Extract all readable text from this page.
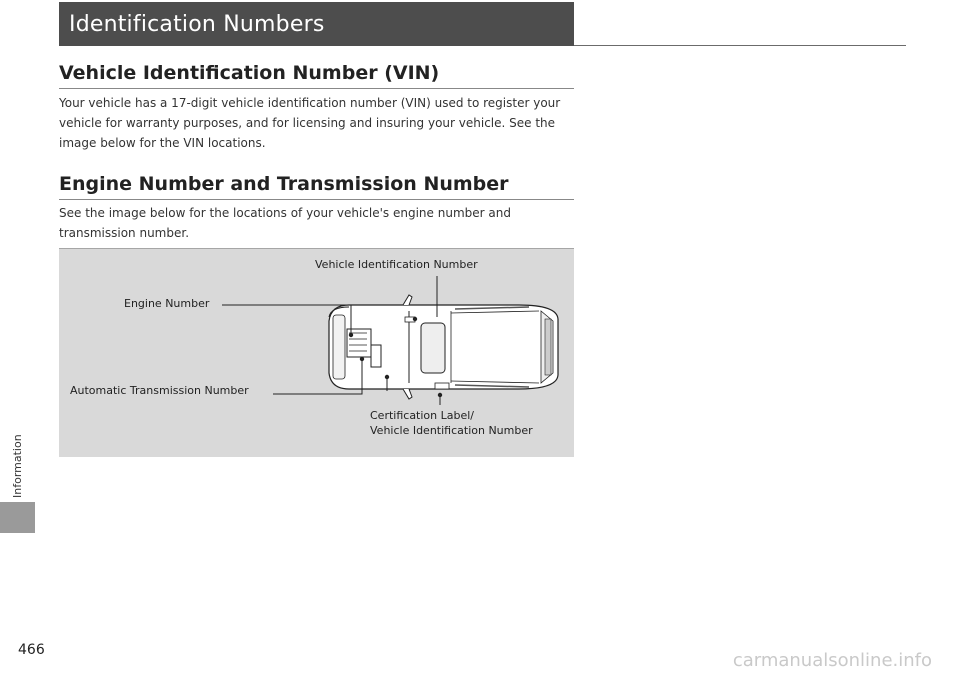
Identification Numbers
Vehicle Identification Number (VIN)
Your vehicle has a 17-digit vehicle identification number (VIN) used to register your
vehicle for warranty purposes, and for licensing and insuring your vehicle. See the
image below for the VIN locations.
Engine Number and Transmission Number
See the image below for the locations of your vehicle's engine number and
transmission number.
Vehicle Identification Number
Engine Number
Automatic Transmission Number
Certification Label/
Vehicle Identification Number
Information
466	carmanualsonline.info
